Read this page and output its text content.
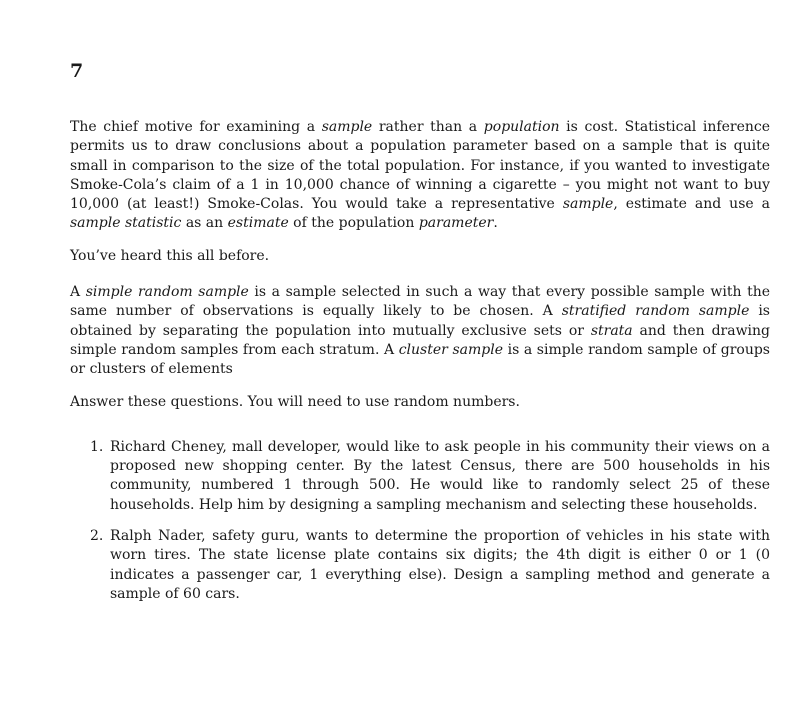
7

The chief motive for examining a sample rather than a population is cost. Statistical inference permits us to draw conclusions about a population parameter based on a sample that is quite small in comparison to the size of the total population. For instance, if you wanted to investigate Smoke-Cola’s claim of a 1 in 10,000 chance of winning a cigarette – you might not want to buy 10,000 (at least!) Smoke-Colas. You would take a representative sample, estimate and use a sample statistic as an estimate of the population parameter.

You’ve heard this all before.

A simple random sample is a sample selected in such a way that every possible sample with the same number of observations is equally likely to be chosen. A stratified random sample is obtained by separating the population into mutually exclusive sets or strata and then drawing simple random samples from each stratum. A cluster sample is a simple random sample of groups or clusters of elements

Answer these questions. You will need to use random numbers.

1. Richard Cheney, mall developer, would like to ask people in his community their views on a proposed new shopping center. By the latest Census, there are 500 households in his community, numbered 1 through 500. He would like to randomly select 25 of these households. Help him by designing a sampling mechanism and selecting these households.
2. Ralph Nader, safety guru, wants to determine the proportion of vehicles in his state with worn tires. The state license plate contains six digits; the 4th digit is either 0 or 1 (0 indicates a passenger car, 1 everything else). Design a sampling method and generate a sample of 60 cars.
